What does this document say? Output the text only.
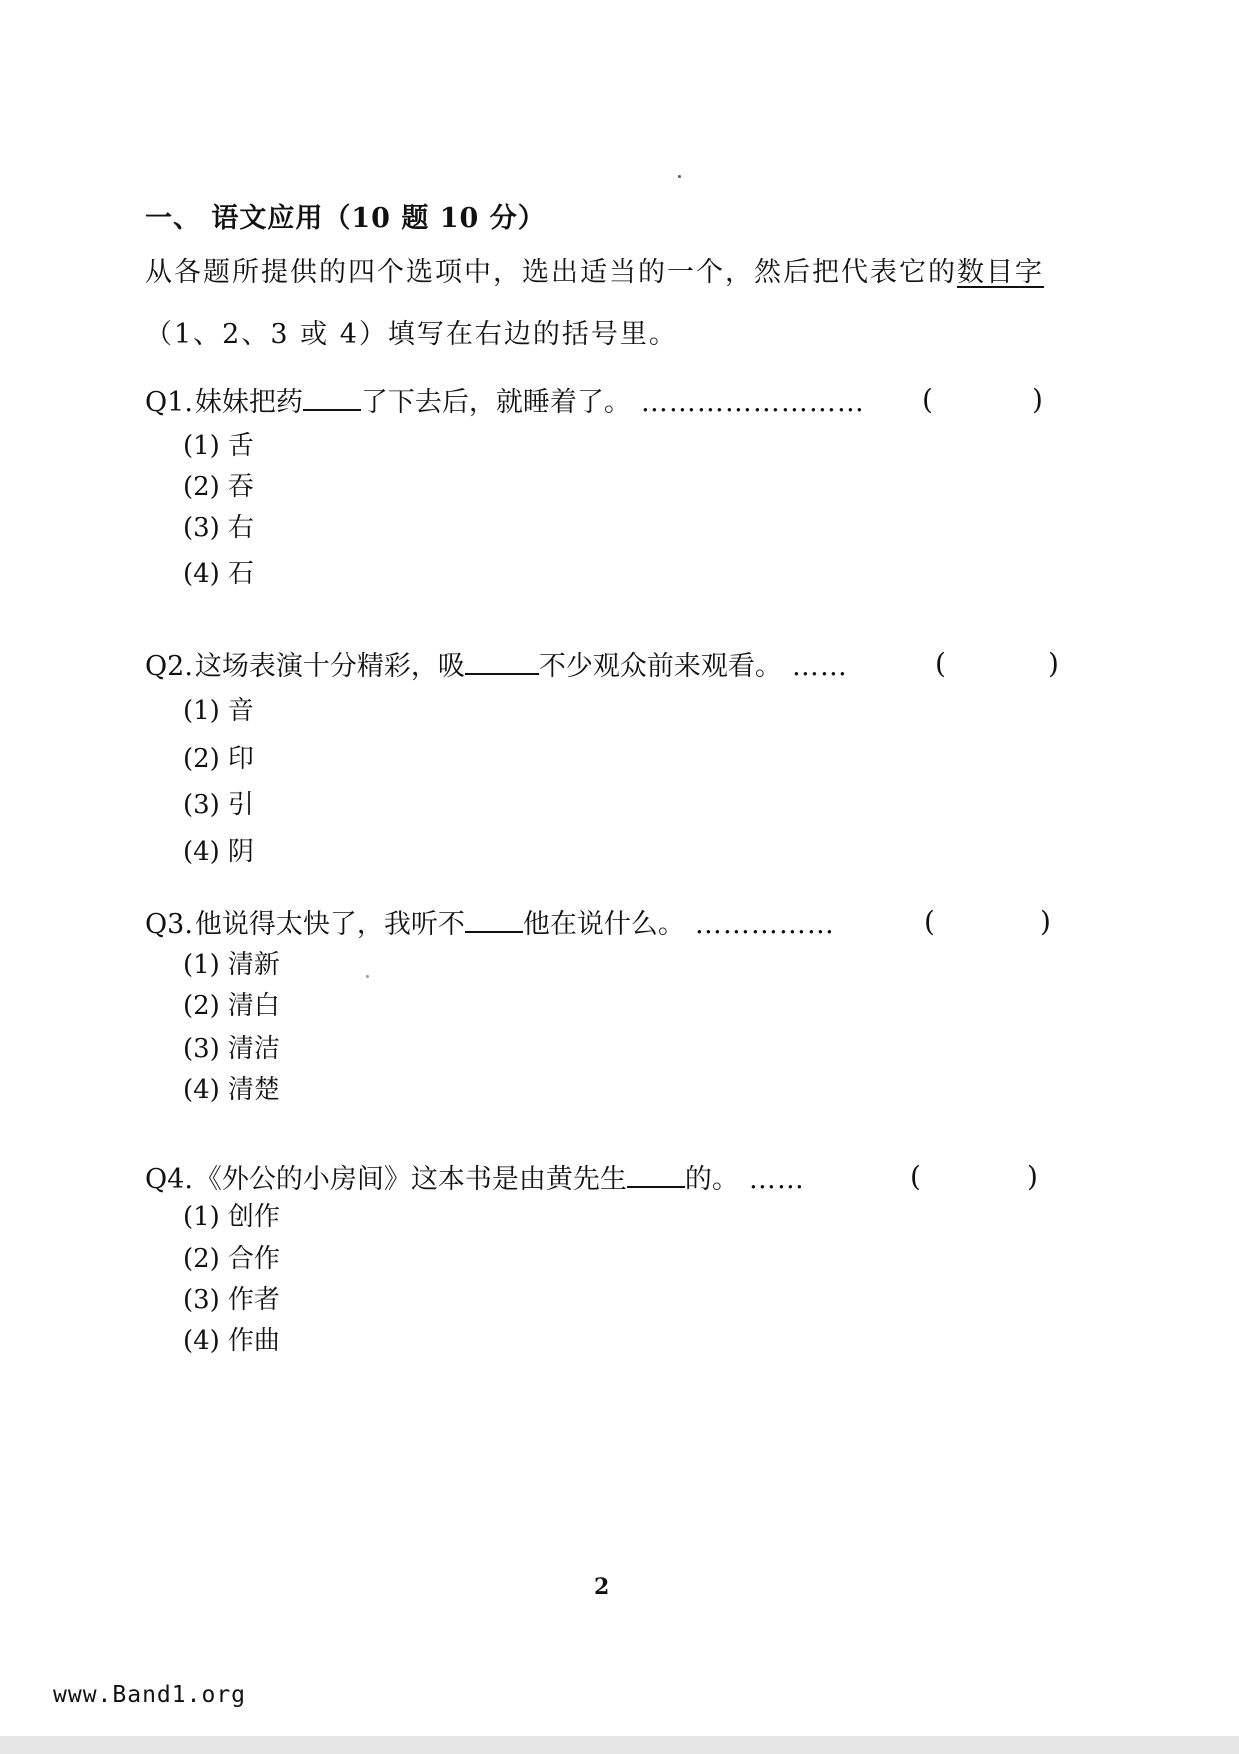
一、 语文应用（10 题 10 分）
从各题所提供的四个选项中，选出适当的一个，然后把代表它的数目字
（1、2、3 或 4）填写在右边的括号里。
Q1. 妹妹把药 了下去后，就睡着了。 …………………… (	)
(1) 舌
(2) 吞
(3) 右
(4) 石
Q2. 这场表演十分精彩，吸	不少观众前来观看。 ……	(	)
(1) 音
(2) 印
(3) 引
(4) 阴
Q3. 他说得太快了，我听不 他在说什么。 ……………	(	)
(1) 清新
(2) 清白
(3) 清洁
(4) 清楚
Q4. 《外公的小房间》这本书是由黄先生 的。 ……	(	)
(1) 创作
(2) 合作
(3) 作者
(4) 作曲
2
www.Band1.org
